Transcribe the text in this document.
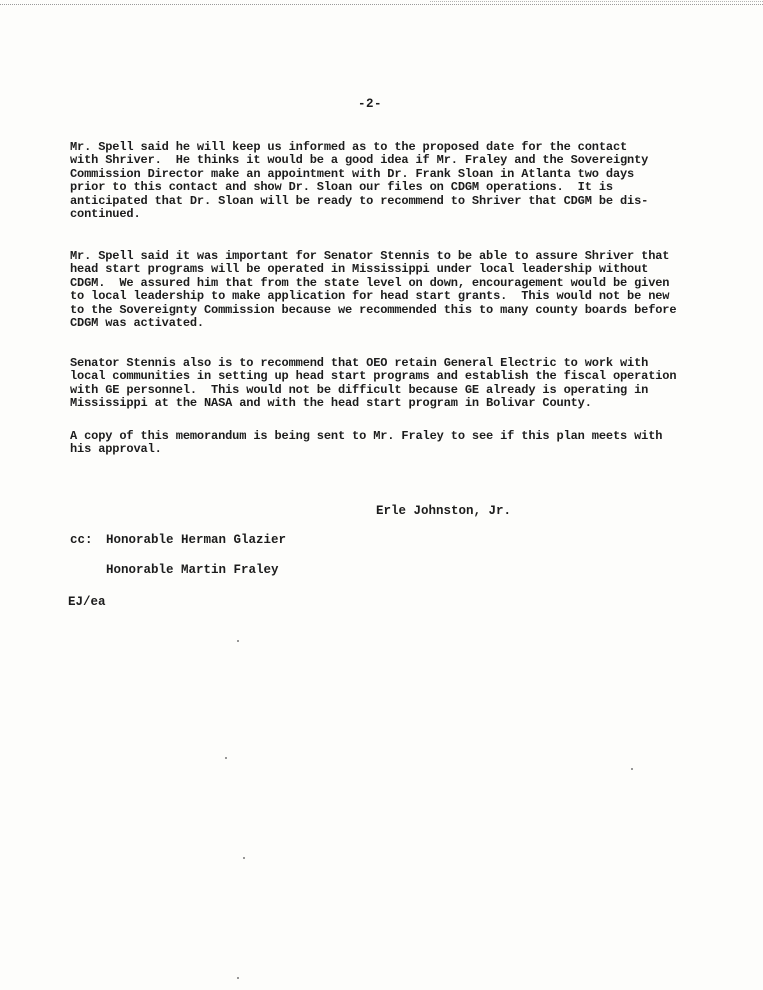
-2-

Mr. Spell said he will keep us informed as to the proposed date for the contact
with Shriver.  He thinks it would be a good idea if Mr. Fraley and the Sovereignty
Commission Director make an appointment with Dr. Frank Sloan in Atlanta two days
prior to this contact and show Dr. Sloan our files on CDGM operations.  It is
anticipated that Dr. Sloan will be ready to recommend to Shriver that CDGM be dis-
continued.

Mr. Spell said it was important for Senator Stennis to be able to assure Shriver that
head start programs will be operated in Mississippi under local leadership without
CDGM.  We assured him that from the state level on down, encouragement would be given
to local leadership to make application for head start grants.  This would not be new
to the Sovereignty Commission because we recommended this to many county boards before
CDGM was activated.

Senator Stennis also is to recommend that OEO retain General Electric to work with
local communities in setting up head start programs and establish the fiscal operation
with GE personnel.  This would not be difficult because GE already is operating in
Mississippi at the NASA and with the head start program in Bolivar County.

A copy of this memorandum is being sent to Mr. Fraley to see if this plan meets with
his approval.

Erle Johnston, Jr.
cc: Honorable Herman Glazier
Honorable Martin Fraley
EJ/ea
